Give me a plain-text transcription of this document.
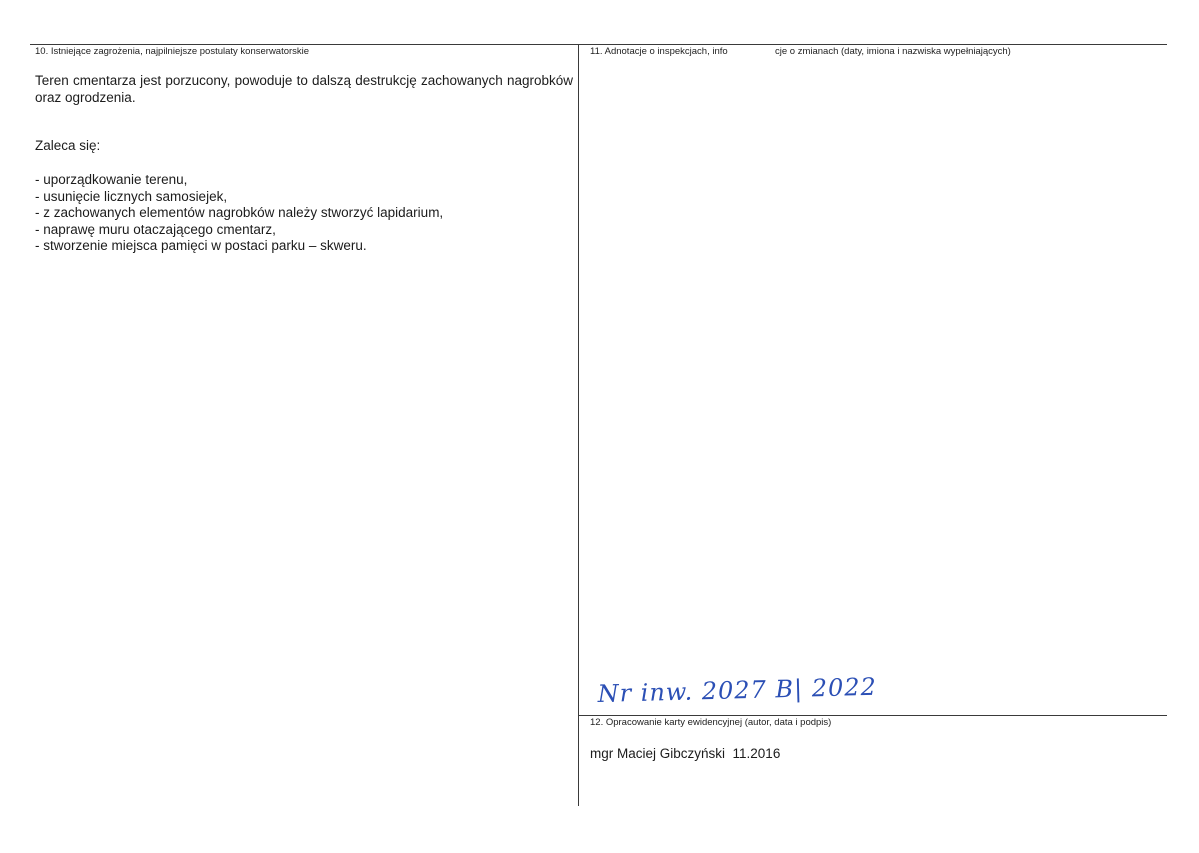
10. Istniejące zagrożenia, najpilniejsze postulaty konserwatorskie
Teren cmentarza jest porzucony, powoduje to dalszą destrukcję zachowanych nagrobków oraz ogrodzenia.
Zaleca się:
- uporządkowanie terenu,
- usunięcie licznych samosiejek,
- z zachowanych elementów nagrobków należy stworzyć lapidarium,
- naprawę muru otaczającego cmentarz,
- stworzenie miejsca pamięci w postaci parku – skweru.
11. Adnotacje o inspekcjach, info	cje o zmianach (daty, imiona i nazwiska wypełniających)
Nr inw. 2027 B| 2022
12. Opracowanie karty ewidencyjnej (autor, data i podpis)
mgr Maciej Gibczyński  11.2016
